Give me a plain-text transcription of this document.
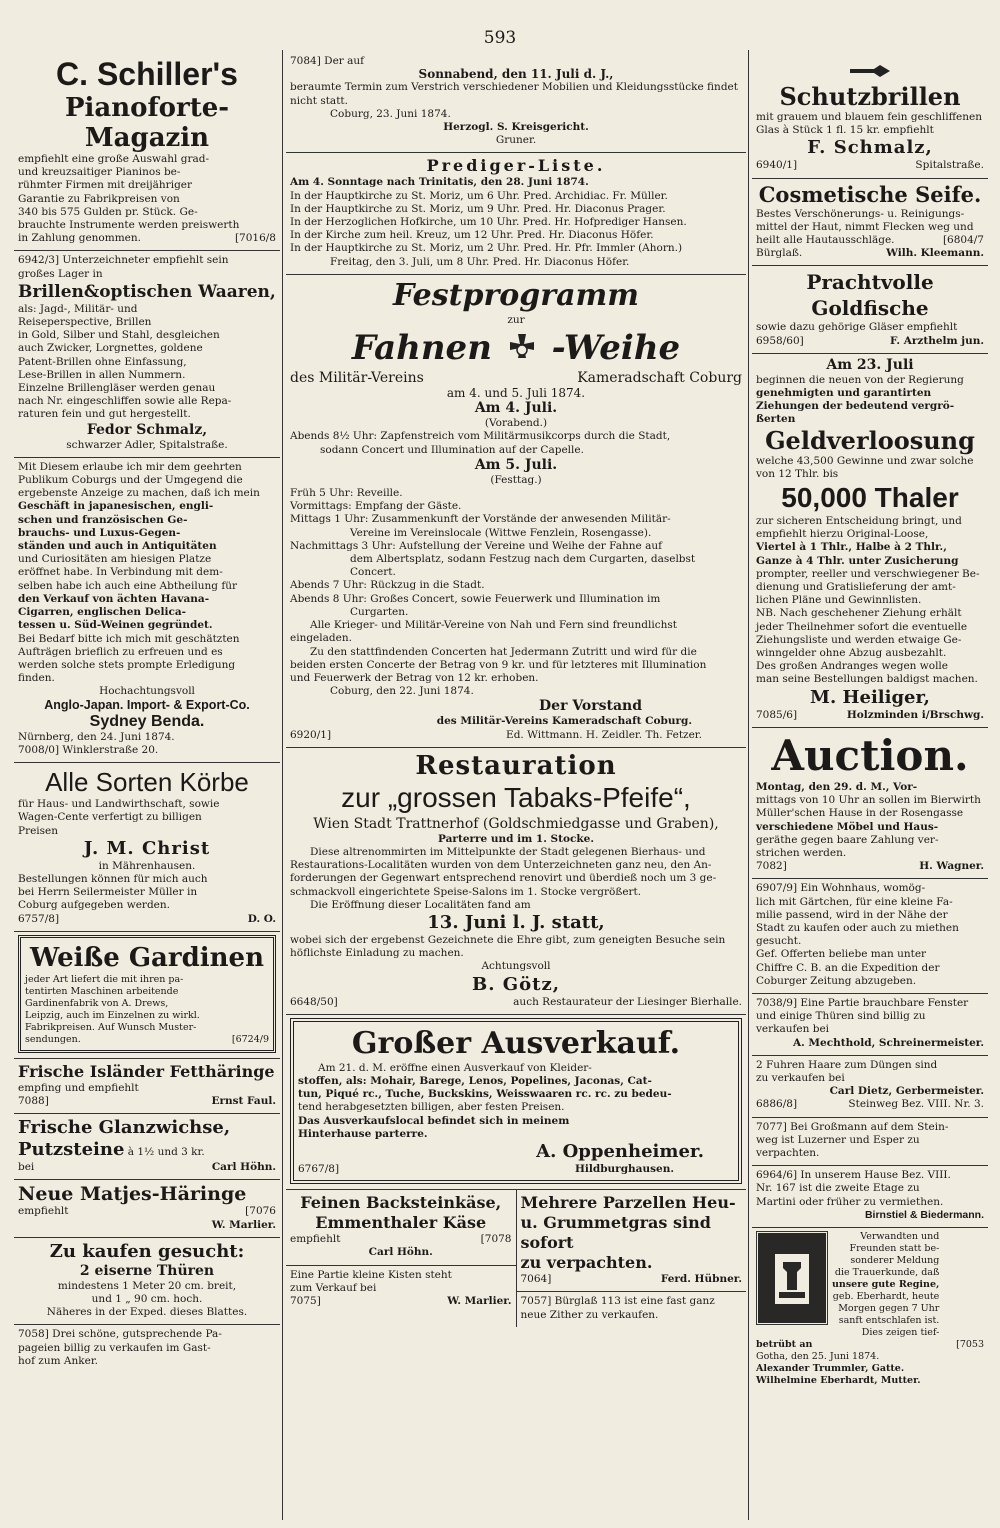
593
C. Schiller's
Pianoforte-Magazin
empfiehlt eine große Auswahl grad-
und kreuzsaitiger Pianinos be-
rühmter Firmen mit dreijähriger
Garantie zu Fabrikpreisen von
340 bis 575 Gulden pr. Stück. Ge-
brauchte Instrumente werden preiswerth
in Zahlung genommen.	[7016/8
6942/3] Unterzeichneter empfiehlt sein
großes Lager in
Brillen&optischen Waaren,
als: Jagd-, Militär- und
Reiseperspective, Brillen
in Gold, Silber und Stahl, desgleichen
auch Zwicker, Lorgnettes, goldene
Patent-Brillen ohne Einfassung,
Lese-Brillen in allen Nummern.
Einzelne Brillengläser werden genau
nach Nr. eingeschliffen sowie alle Repa-
raturen fein und gut hergestellt.
Fedor Schmalz,
schwarzer Adler, Spitalstraße.
Mit Diesem erlaube ich mir dem geehrten
Publikum Coburgs und der Umgegend die
ergebenste Anzeige zu machen, daß ich mein
Geschäft in japanesischen, engli-
schen und französischen Ge-
brauchs- und Luxus-Gegen-
ständen und auch in Antiquitäten
und Curiositäten am hiesigen Platze
eröffnet habe. In Verbindung mit dem-
selben habe ich auch eine Abtheilung für
den Verkauf von ächten Havana-
Cigarren, englischen Delica-
tessen u. Süd-Weinen gegründet.
Bei Bedarf bitte ich mich mit geschätzten
Aufträgen brieflich zu erfreuen und es
werden solche stets prompte Erledigung
finden.
Hochachtungsvoll
Anglo-Japan. Import- & Export-Co.
Sydney Benda.
Nürnberg, den 24. Juni 1874.
7008/0] Winklerstraße 20.
Alle Sorten Körbe
für Haus- und Landwirthschaft, sowie
Wagen-Cente verfertigt zu billigen
Preisen
J. M. Christ
in Mährenhausen.
Bestellungen können für mich auch
bei Herrn Seilermeister Müller in
Coburg aufgegeben werden.
6757/8]	D. O.
Weiße Gardinen
jeder Art liefert die mit ihren pa-
tentirten Maschinen arbeitende
Gardinenfabrik von A. Drews,
Leipzig, auch im Einzelnen zu wirkl.
Fabrikpreisen. Auf Wunsch Muster-
sendungen.	[6724/9
Frische Isländer Fetthäringe
empfing und empfiehlt
7088]	Ernst Faul.
Frische Glanzwichse,
Putzsteine à 1½ und 3 kr.
bei	Carl Höhn.
Neue Matjes-Häringe
empfiehlt	[7076
W. Marlier.
Zu kaufen gesucht:
2 eiserne Thüren
mindestens 1 Meter 20 cm. breit,
und 1 „ 90 cm. hoch.
Näheres in der Exped. dieses Blattes.
7058] Drei schöne, gutsprechende Pa-
pageien billig zu verkaufen im Gast-
hof zum Anker.
7084] Der auf
Sonnabend, den 11. Juli d. J.,
beraumte Termin zum Verstrich verschiedener Mobilien und Kleidungsstücke findet
nicht statt.
Coburg, 23. Juni 1874.
Herzogl. S. Kreisgericht.
Gruner.
Prediger-Liste.
Am 4. Sonntage nach Trinitatis, den 28. Juni 1874.
In der Hauptkirche zu St. Moriz, um 6 Uhr. Pred. Archidiac. Fr. Müller.
In der Hauptkirche zu St. Moriz, um 9 Uhr. Pred. Hr. Diaconus Prager.
In der Herzoglichen Hofkirche, um 10 Uhr. Pred. Hr. Hofprediger Hansen.
In der Kirche zum heil. Kreuz, um 12 Uhr. Pred. Hr. Diaconus Höfer.
In der Hauptkirche zu St. Moriz, um 2 Uhr. Pred. Hr. Pfr. Immler (Ahorn.)
Freitag, den 3. Juli, um 8 Uhr. Pred. Hr. Diaconus Höfer.
Festprogramm
zur
Fahnen -Weihe
des Militär-Vereins	Kameradschaft Coburg
am 4. und 5. Juli 1874.
Am 4. Juli.
(Vorabend.)
Abends 8½ Uhr: Zapfenstreich vom Militärmusikcorps durch die Stadt,
sodann Concert und Illumination auf der Capelle.
Am 5. Juli.
(Festtag.)
Früh 5 Uhr: Reveille.
Vormittags: Empfang der Gäste.
Mittags 1 Uhr: Zusammenkunft der Vorstände der anwesenden Militär-
Vereine im Vereinslocale (Wittwe Fenzlein, Rosengasse).
Nachmittags 3 Uhr: Aufstellung der Vereine und Weihe der Fahne auf
dem Albertsplatz, sodann Festzug nach dem Curgarten, daselbst Concert.
Abends 7 Uhr: Rückzug in die Stadt.
Abends 8 Uhr: Großes Concert, sowie Feuerwerk und Illumination im
Curgarten.
Alle Krieger- und Militär-Vereine von Nah und Fern sind freundlichst
eingeladen.
Zu den stattfindenden Concerten hat Jedermann Zutritt und wird für die
beiden ersten Concerte der Betrag von 9 kr. und für letzteres mit Illumination
und Feuerwerk der Betrag von 12 kr. erhoben.
Coburg, den 22. Juni 1874.
Der Vorstand
des Militär-Vereins Kameradschaft Coburg.
6920/1]	Ed. Wittmann. H. Zeidler. Th. Fetzer.
Restauration
zur „grossen Tabaks-Pfeife“,
Wien Stadt Trattnerhof (Goldschmiedgasse und Graben),
Parterre und im 1. Stocke.
Diese altrenommirten im Mittelpunkte der Stadt gelegenen Bierhaus- und
Restaurations-Localitäten wurden von dem Unterzeichneten ganz neu, den An-
forderungen der Gegenwart entsprechend renovirt und überdieß noch um 3 ge-
schmackvoll eingerichtete Speise-Salons im 1. Stocke vergrößert.
Die Eröffnung dieser Localitäten fand am
13. Juni l. J. statt,
wobei sich der ergebenst Gezeichnete die Ehre gibt, zum geneigten Besuche sein
höflichste Einladung zu machen.
Achtungsvoll
B. Götz,
6648/50]	auch Restaurateur der Liesinger Bierhalle.
Großer Ausverkauf.
Am 21. d. M. eröffne einen Ausverkauf von Kleider-
stoffen, als: Mohair, Barege, Lenos, Popelines, Jaconas, Cat-
tun, Piqué rc., Tuche, Buckskins, Weisswaaren rc. rc. zu bedeu-
tend herabgesetzten billigen, aber festen Preisen.
Das Ausverkaufslocal befindet sich in meinem
Hinterhause parterre.
A. Oppenheimer.
6767/8]	Hildburghausen.
Feinen Backsteinkäse,
Emmenthaler Käse
empfiehlt	[7078
Carl Höhn.
Eine Partie kleine Kisten steht
zum Verkauf bei
7075]	W. Marlier.
Mehrere Parzellen Heu-
u. Grummetgras sind sofort
zu verpachten.
7064]	Ferd. Hübner.
7057] Bürglaß 113 ist eine fast ganz
neue Zither zu verkaufen.
Schutzbrillen
mit grauem und blauem fein geschliffenen
Glas à Stück 1 fl. 15 kr. empfiehlt
F. Schmalz,
6940/1]	Spitalstraße.
Cosmetische Seife.
Bestes Verschönerungs- u. Reinigungs-
mittel der Haut, nimmt Flecken weg und
heilt alle Hautausschläge.	[6804/7
Bürglaß.	Wilh. Kleemann.
Prachtvolle Goldfische
sowie dazu gehörige Gläser empfiehlt
6958/60]	F. Arzthelm jun.
Am 23. Juli
beginnen die neuen von der Regierung
genehmigten und garantirten
Ziehungen der bedeutend vergrö-
ßerten
Geldverloosung
welche 43,500 Gewinne und zwar solche
von 12 Thlr. bis
50,000 Thaler
zur sicheren Entscheidung bringt, und
empfiehlt hierzu Original-Loose,
Viertel à 1 Thlr., Halbe à 2 Thlr.,
Ganze à 4 Thlr. unter Zusicherung
prompter, reeller und verschwiegener Be-
dienung und Gratislieferung der amt-
lichen Pläne und Gewinnlisten.
NB. Nach geschehener Ziehung erhält
jeder Theilnehmer sofort die eventuelle
Ziehungsliste und werden etwaige Ge-
winngelder ohne Abzug ausbezahlt.
Des großen Andranges wegen wolle
man seine Bestellungen baldigst machen.
M. Heiliger,
7085/6]	Holzminden i/Brschwg.
Auction.
Montag, den 29. d. M., Vor-
mittags von 10 Uhr an sollen im Bierwirth
Müller'schen Hause in der Rosengasse
verschiedene Möbel und Haus-
geräthe gegen baare Zahlung ver-
strichen werden.
7082]	H. Wagner.
6907/9] Ein Wohnhaus, womög-
lich mit Gärtchen, für eine kleine Fa-
milie passend, wird in der Nähe der
Stadt zu kaufen oder auch zu miethen
gesucht.
Gef. Offerten beliebe man unter
Chiffre C. B. an die Expedition der
Coburger Zeitung abzugeben.
7038/9] Eine Partie brauchbare Fenster
und einige Thüren sind billig zu
verkaufen bei
A. Mechthold, Schreinermeister.
2 Fuhren Haare zum Düngen sind
zu verkaufen bei
Carl Dietz, Gerbermeister.
6886/8]	Steinweg Bez. VIII. Nr. 3.
7077] Bei Großmann auf dem Stein-
weg ist Luzerner und Esper zu
verpachten.
6964/6] In unserem Hause Bez. VIII.
Nr. 167 ist die zweite Etage zu
Martini oder früher zu vermiethen.
Birnstiel & Biedermann.
Verwandten und
Freunden statt be-
sonderer Meldung
die Trauerkunde, daß
unsere gute Regine,
geb. Eberhardt, heute
Morgen gegen 7 Uhr
sanft entschlafen ist.
Dies zeigen tief-
betrübt an	[7053
Gotha, den 25. Juni 1874.
Alexander Trummler, Gatte.
Wilhelmine Eberhardt, Mutter.
